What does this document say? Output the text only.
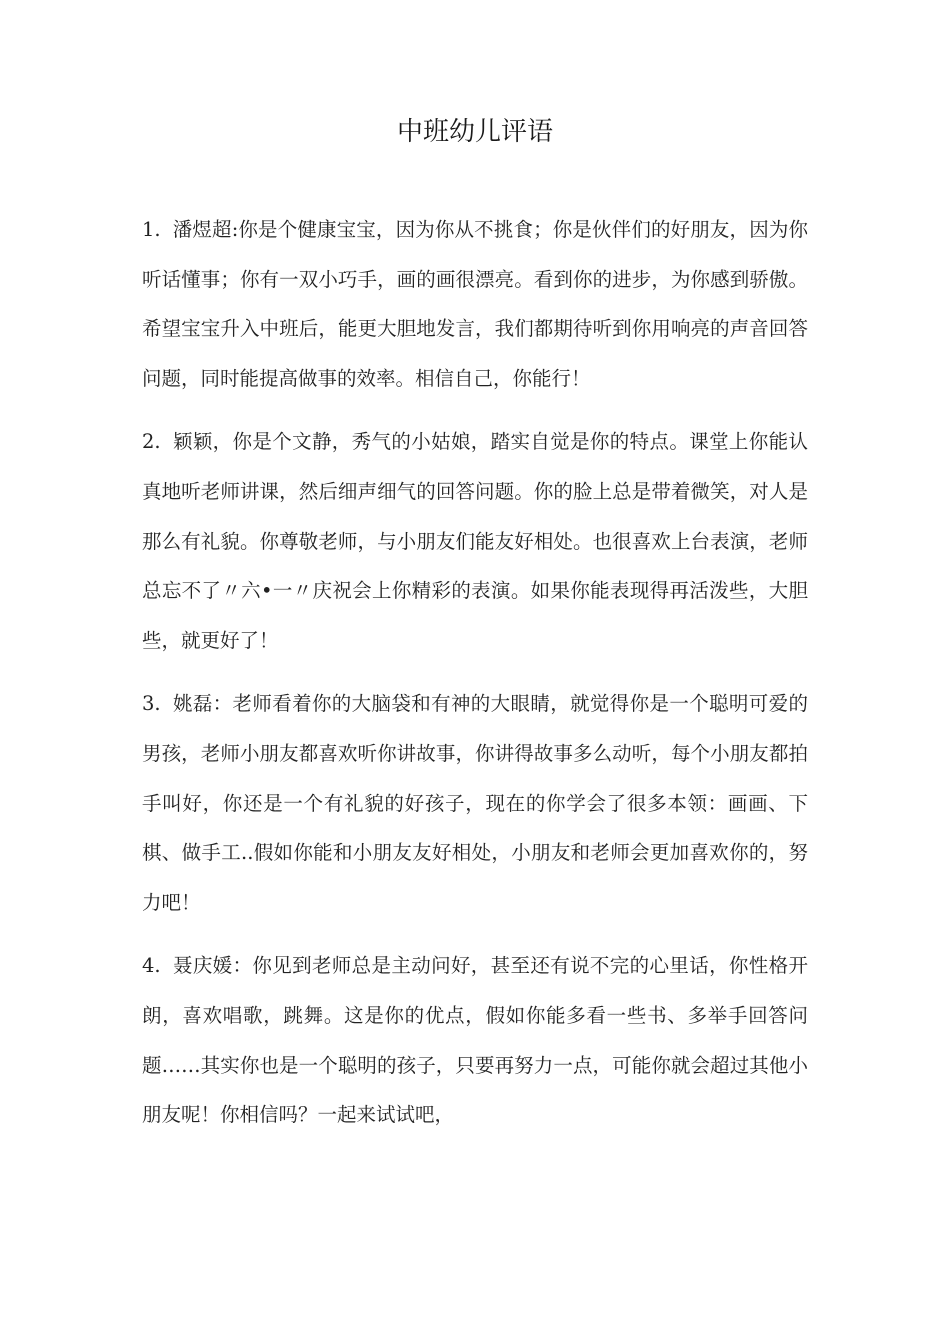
中班幼儿评语

1. 潘煜超:你是个健康宝宝，因为你从不挑食；你是伙伴们的好朋友，因为你听话懂事；你有一双小巧手，画的画很漂亮。看到你的进步，为你感到骄傲。希望宝宝升入中班后，能更大胆地发言，我们都期待听到你用响亮的声音回答问题，同时能提高做事的效率。相信自己，你能行！

2. 颖颖，你是个文静，秀气的小姑娘，踏实自觉是你的特点。课堂上你能认真地听老师讲课，然后细声细气的回答问题。你的脸上总是带着微笑，对人是那么有礼貌。你尊敬老师，与小朋友们能友好相处。也很喜欢上台表演，老师总忘不了〃六•一〃庆祝会上你精彩的表演。如果你能表现得再活泼些，大胆些，就更好了！

3. 姚磊：老师看着你的大脑袋和有神的大眼睛，就觉得你是一个聪明可爱的男孩，老师小朋友都喜欢听你讲故事，你讲得故事多么动听，每个小朋友都拍手叫好，你还是一个有礼貌的好孩子，现在的你学会了很多本领：画画、下棋、做手工..假如你能和小朋友友好相处，小朋友和老师会更加喜欢你的，努力吧！

4. 聂庆媛：你见到老师总是主动问好，甚至还有说不完的心里话，你性格开朗，喜欢唱歌，跳舞。这是你的优点，假如你能多看一些书、多举手回答问题……其实你也是一个聪明的孩子，只要再努力一点，可能你就会超过其他小朋友呢！你相信吗？一起来试试吧，
